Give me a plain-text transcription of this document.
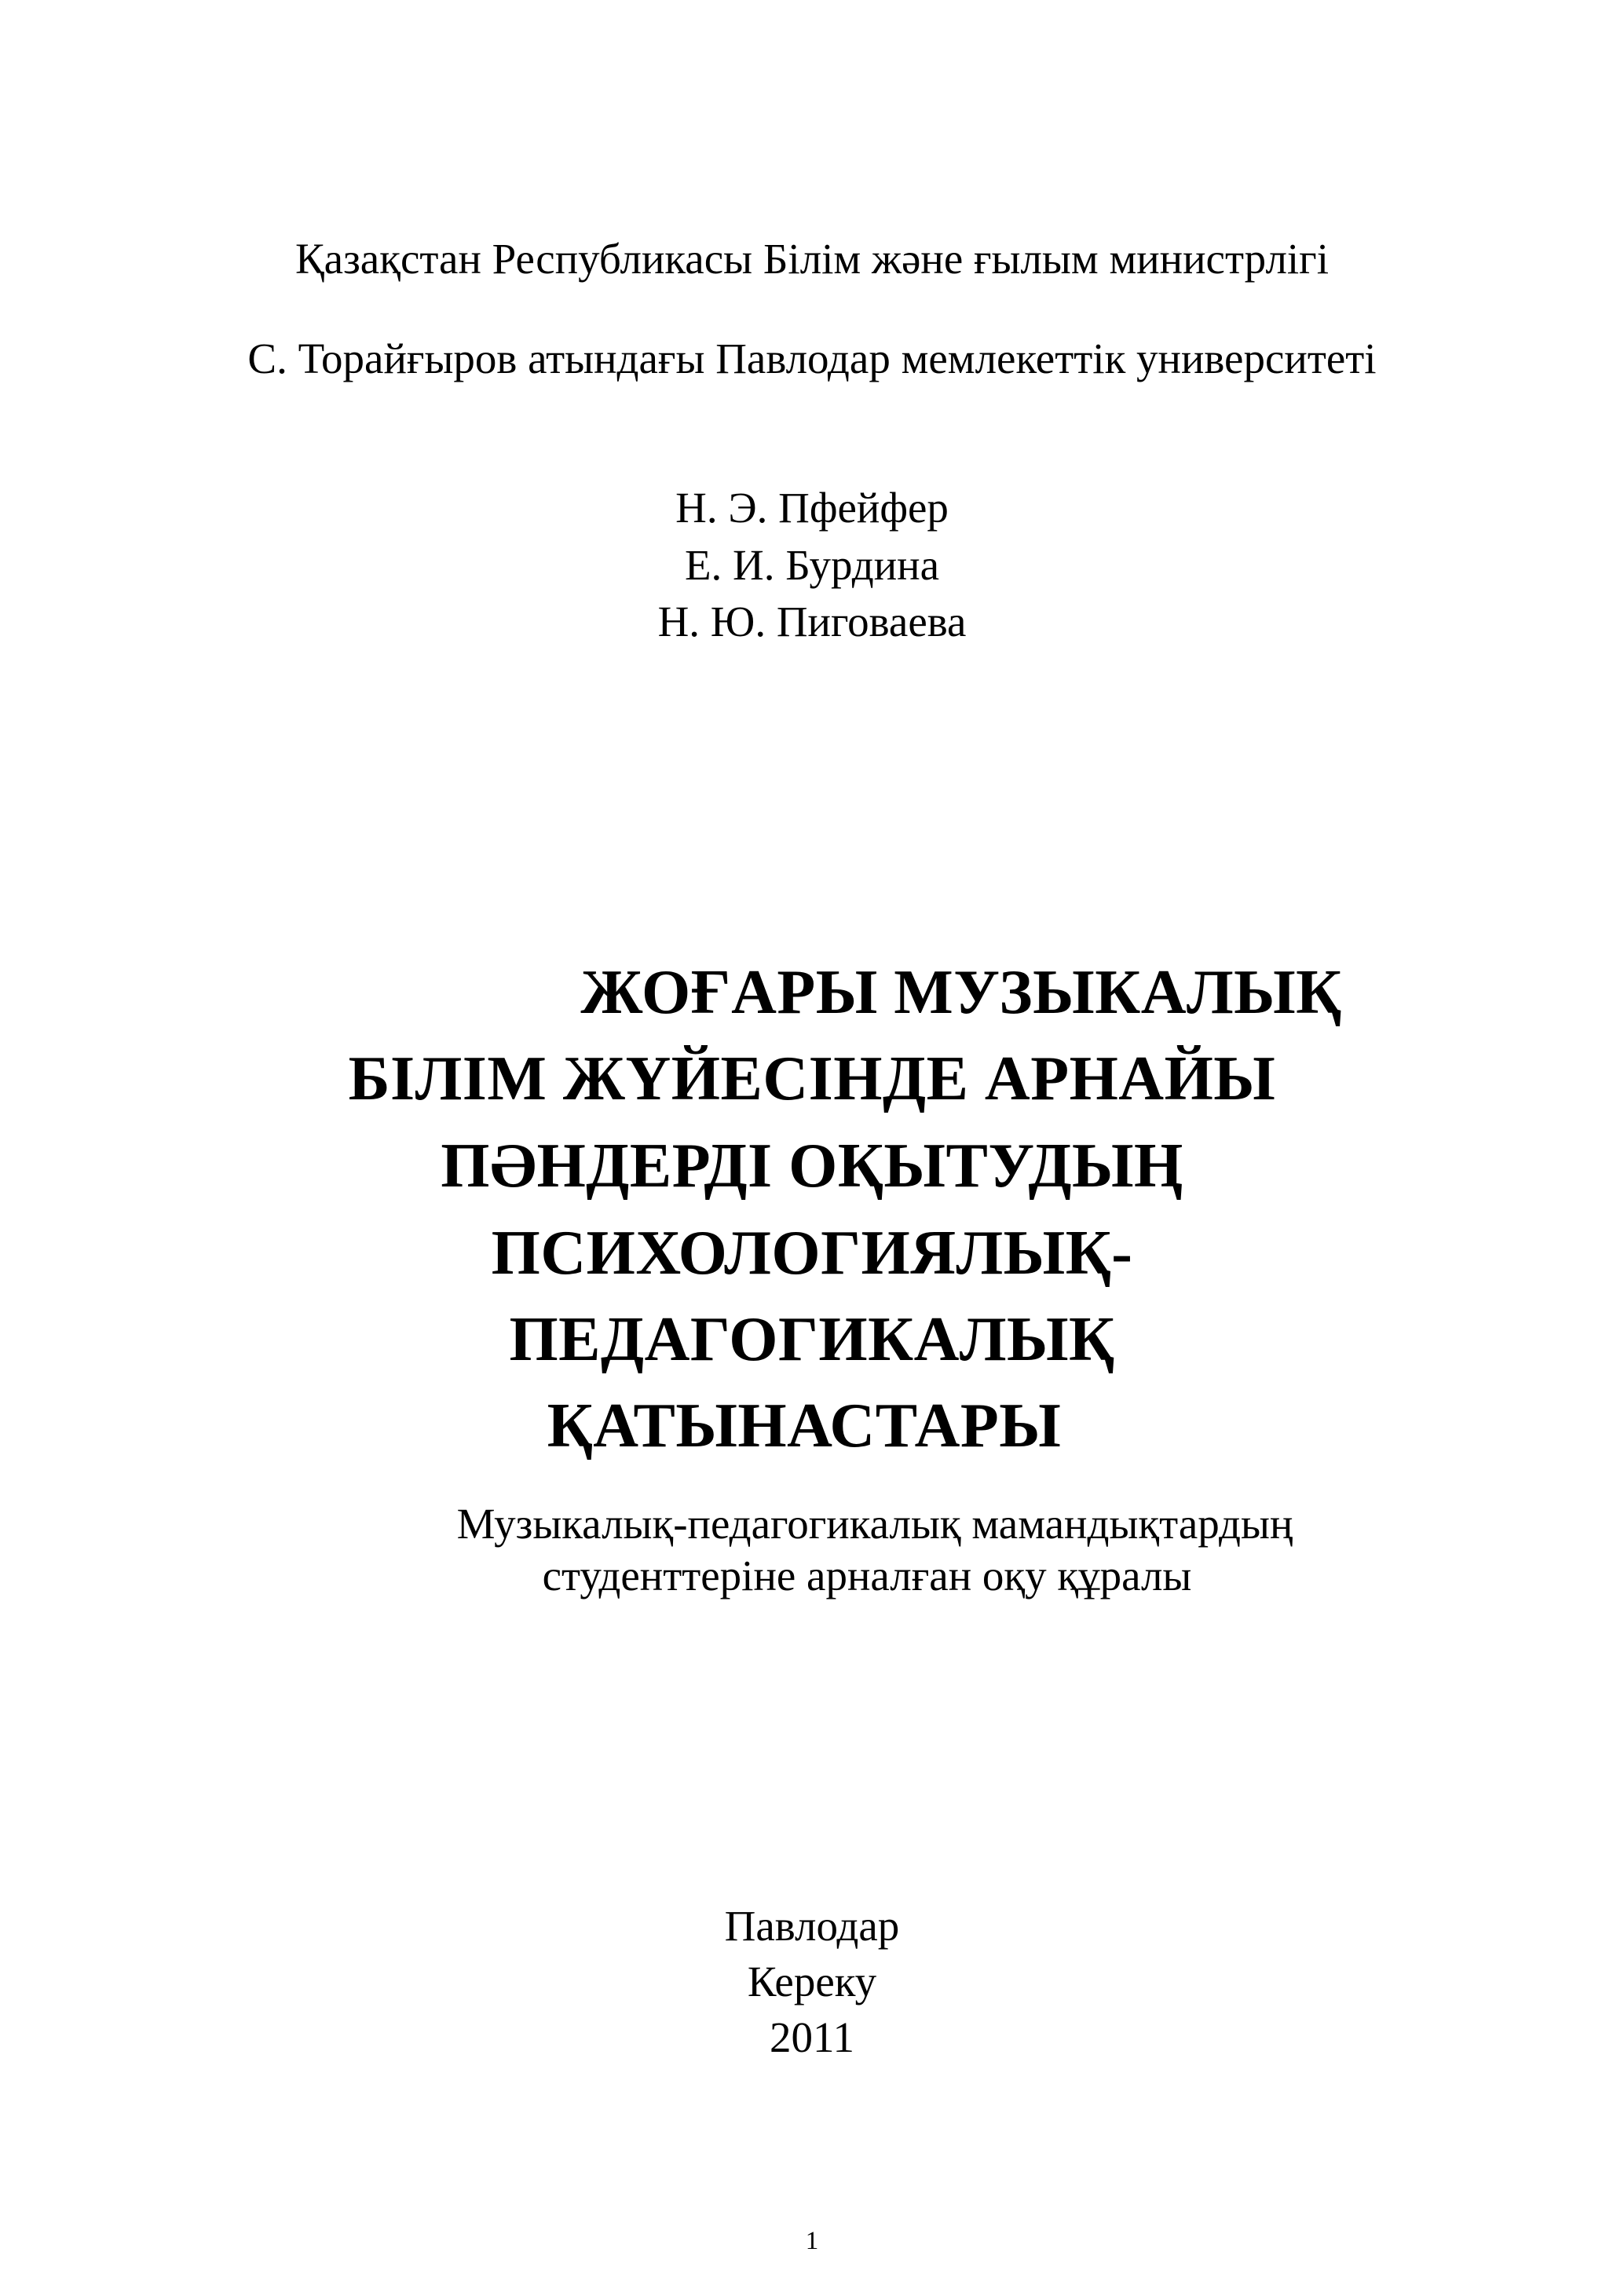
Қазақстан Республикасы Білім және ғылым министрлігі
С. Торайғыров атындағы Павлодар мемлекеттік университеті
Н. Э. Пфейфер
Е. И. Бурдина
Н. Ю. Пиговаева
ЖОҒАРЫ МУЗЫКАЛЫҚ
БІЛІМ ЖҮЙЕСІНДЕ АРНАЙЫ
ПӘНДЕРДІ ОҚЫТУДЫҢ
ПСИХОЛОГИЯЛЫҚ-
ПЕДАГОГИКАЛЫҚ
ҚАТЫНАСТАРЫ
Музыкалық-педагогикалық мамандықтардың
студенттеріне арналған оқу құралы
Павлодар
Кереку
2011
1
